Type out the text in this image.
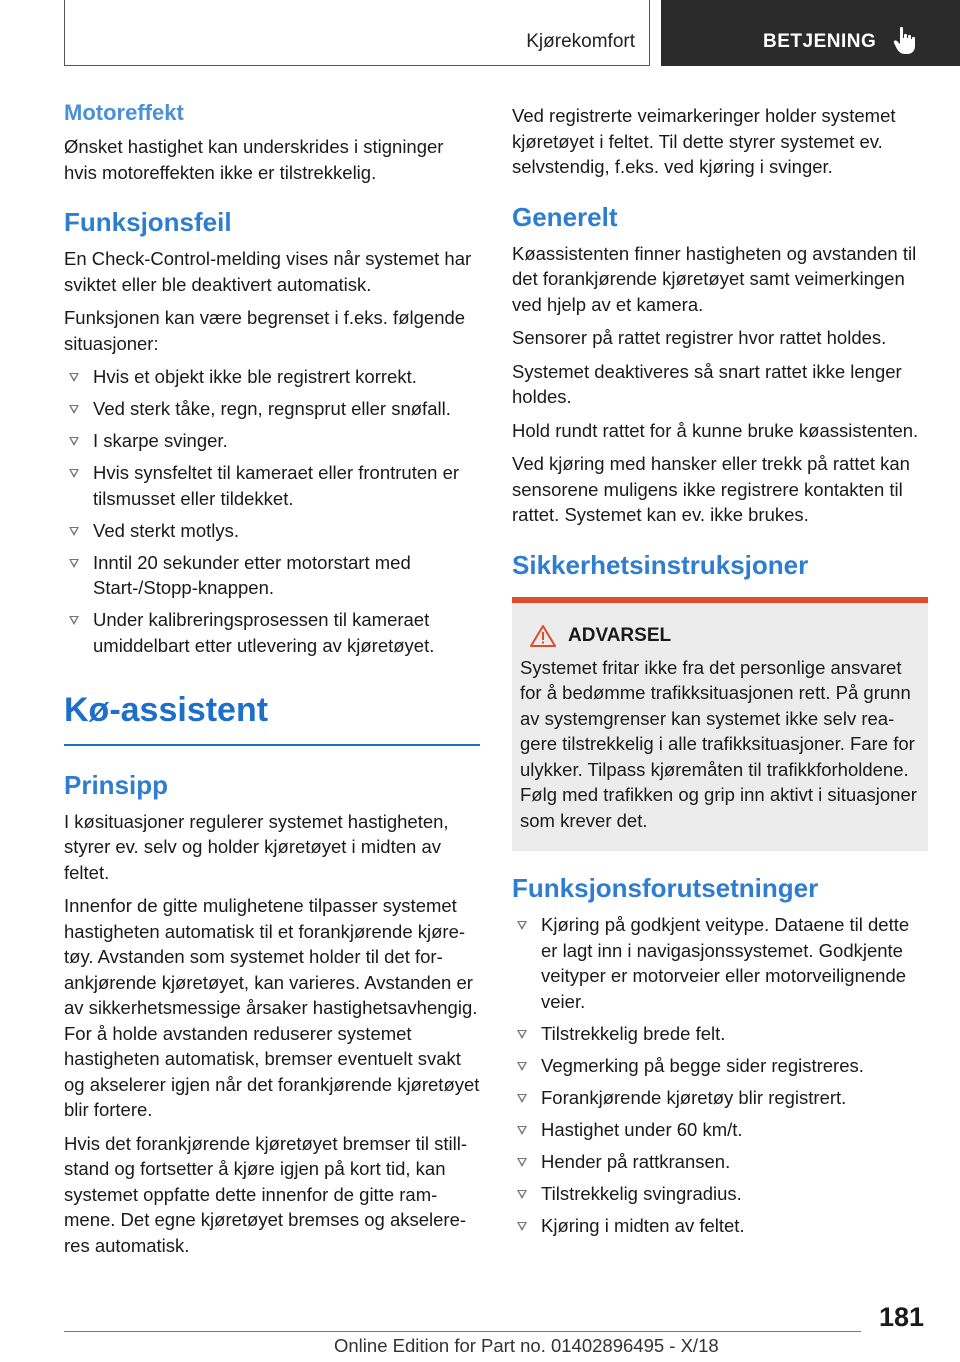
Kjørekomfort	BETJENING
Motoreffekt

Ønsket hastighet kan underskrides i stigninger hvis motoreffekten ikke er tilstrekkelig.

Funksjonsfeil

En Check-Control-melding vises når systemet har sviktet eller ble deaktivert automatisk.

Funksjonen kan være begrenset i f.eks. følgende situasjoner:

Hvis et objekt ikke ble registrert korrekt.
Ved sterk tåke, regn, regnsprut eller snøfall.
I skarpe svinger.
Hvis synsfeltet til kameraet eller frontruten er tilsmusset eller tildekket.
Ved sterkt motlys.
Inntil 20 sekunder etter motorstart med Start-/Stopp-knappen.
Under kalibreringsprosessen til kameraet umiddelbart etter utlevering av kjøretøyet.
Kø-assistent
Prinsipp

I køsituasjoner regulerer systemet hastigheten, styrer ev. selv og holder kjøretøyet i midten av feltet.

Innenfor de gitte mulighetene tilpasser systemet hastigheten automatisk til et forankjørende kjøretøy. Avstanden som systemet holder til det forankjørende kjøretøyet, kan varieres. Avstanden er av sikkerhetsmessige årsaker hastighetsavhengig. For å holde avstanden reduserer systemet hastigheten automatisk, bremser eventuelt svakt og akselerer igjen når det forankjørende kjøretøyet blir fortere.

Hvis det forankjørende kjøretøyet bremser til stillstand og fortsetter å kjøre igjen på kort tid, kan systemet oppfatte dette innenfor de gitte rammene. Det egne kjøretøyet bremses og akselereres automatisk.

Ved registrerte veimarkeringer holder systemet kjøretøyet i feltet. Til dette styrer systemet ev. selvstendig, f.eks. ved kjøring i svinger.

Generelt

Køassistenten finner hastigheten og avstanden til det forankjørende kjøretøyet samt veimerkingen ved hjelp av et kamera.

Sensorer på rattet registrer hvor rattet holdes.

Systemet deaktiveres så snart rattet ikke lenger holdes.

Hold rundt rattet for å kunne bruke køassistenten.

Ved kjøring med hansker eller trekk på rattet kan sensorene muligens ikke registrere kontakten til rattet. Systemet kan ev. ikke brukes.

Sikkerhetsinstruksjoner
ADVARSEL

Systemet fritar ikke fra det personlige ansvaret for å bedømme trafikksituasjonen rett. På grunn av systemgrenser kan systemet ikke selv reagere tilstrekkelig i alle trafikksituasjoner. Fare for ulykker. Tilpass kjøremåten til trafikkforholdene. Følg med trafikken og grip inn aktivt i situasjoner som krever det.

Funksjonsforutsetninger
Kjøring på godkjent veitype. Dataene til dette er lagt inn i navigasjonssystemet. Godkjente veityper er motorveier eller motorveilignende veier.
Tilstrekkelig brede felt.
Vegmerking på begge sider registreres.
Forankjørende kjøretøy blir registrert.
Hastighet under 60 km/t.
Hender på rattkransen.
Tilstrekkelig svingradius.
Kjøring i midten av feltet.
181
Online Edition for Part no. 01402896495 - X/18
